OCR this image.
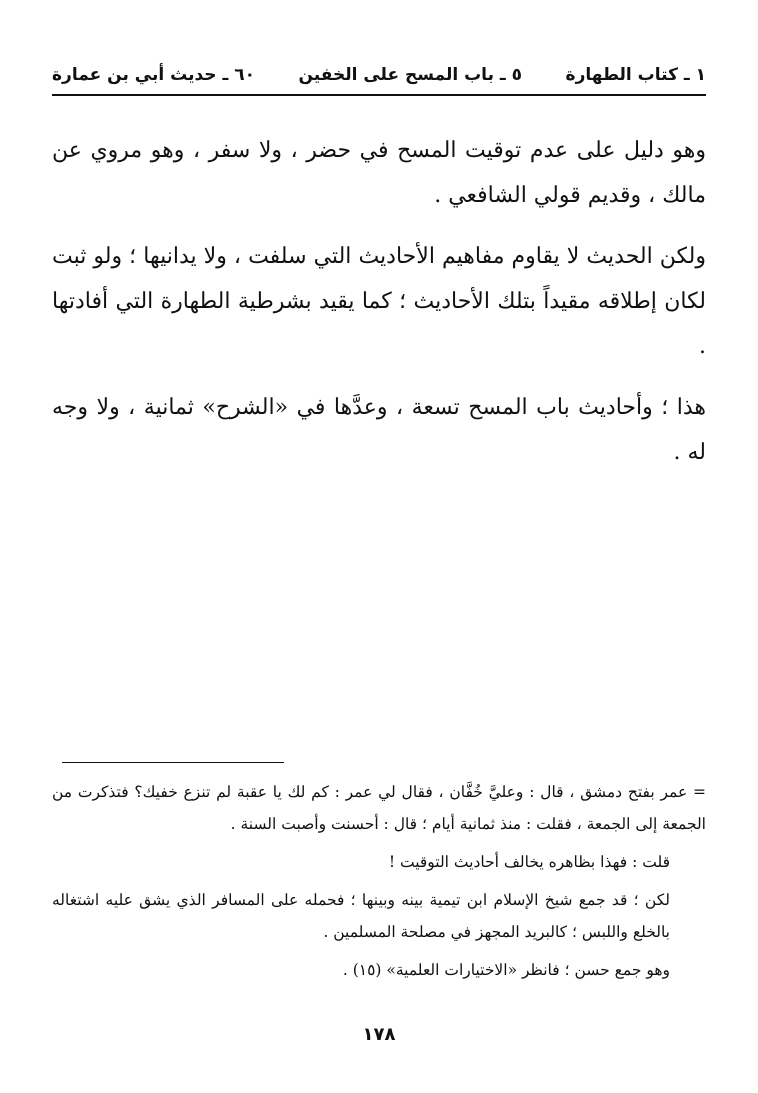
١ ـ كتاب الطهارة
٥ ـ باب المسح على الخفين
٦٠ ـ حديث أبي بن عمارة

وهو دليل على عدم توقيت المسح في حضر ، ولا سفر ، وهو مروي عن مالك ، وقديم قولي الشافعي .

ولكن الحديث لا يقاوم مفاهيم الأحاديث التي سلفت ، ولا يدانيها ؛ ولو ثبت لكان إطلاقه مقيداً بتلك الأحاديث ؛ كما يقيد بشرطية الطهارة التي أفادتها .

هذا ؛ وأحاديث باب المسح تسعة ، وعدَّها في «الشرح» ثمانية ، ولا وجه له .

= عمر بفتح دمشق ، قال : وعليَّ خُفَّان ، فقال لي عمر : كم لك يا عقبة لم تنزع خفيك؟ فتذكرت من الجمعة إلى الجمعة ، فقلت : منذ ثمانية أيام ؛ قال : أحسنت وأصبت السنة .

قلت : فهذا بظاهره يخالف أحاديث التوقيت !

لكن ؛ قد جمع شيخ الإسلام ابن تيمية بينه وبينها ؛ فحمله على المسافر الذي يشق عليه اشتغاله بالخلع واللبس ؛ كالبريد المجهز في مصلحة المسلمين .

وهو جمع حسن ؛ فانظر «الاختيارات العلمية» (١٥) .

١٧٨
